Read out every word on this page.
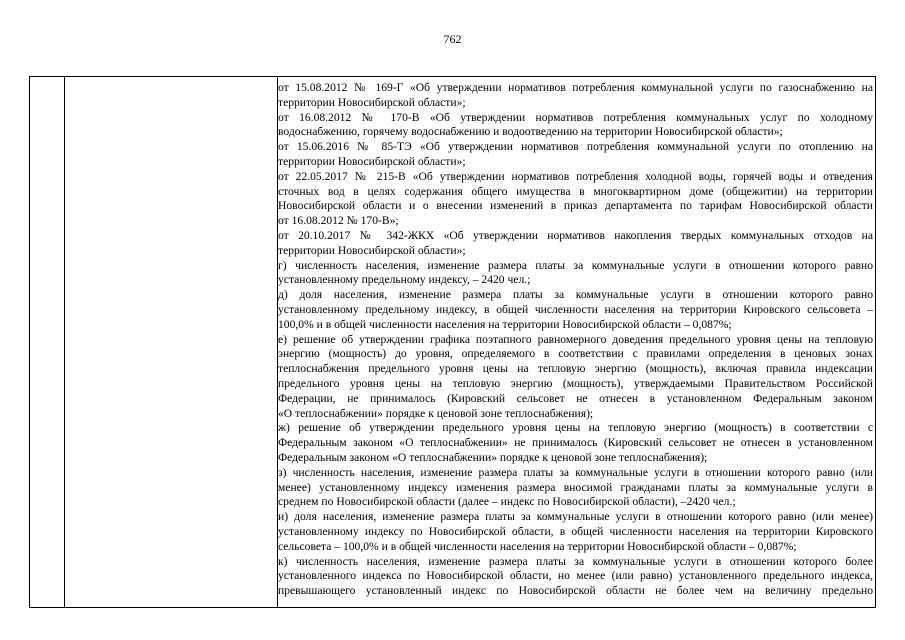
762
от 15.08.2012 № 169-Г «Об утверждении нормативов потребления коммунальной услуги по газоснабжению на
территории Новосибирской области»;
от 16.08.2012 № 170-В «Об утверждении нормативов потребления коммунальных услуг по холодному
водоснабжению, горячему водоснабжению и водоотведению на территории Новосибирской области»;
от 15.06.2016 № 85-ТЭ «Об утверждении нормативов потребления коммунальной услуги по отоплению на
территории Новосибирской области»;
от 22.05.2017 № 215-В «Об утверждении нормативов потребления холодной воды, горячей воды и отведения
сточных вод в целях содержания общего имущества в многоквартирном доме (общежитии) на территории
Новосибирской области и о внесении изменений в приказ департамента по тарифам Новосибирской области
от 16.08.2012 № 170-В»;
от 20.10.2017 № 342-ЖКХ «Об утверждении нормативов накопления твердых коммунальных отходов на
территории Новосибирской области»;
г) численность населения, изменение размера платы за коммунальные услуги в отношении которого равно
установленному предельному индексу, – 2420 чел.;
д) доля населения, изменение размера платы за коммунальные услуги в отношении которого равно
установленному предельному индексу, в общей численности населения на территории Кировского сельсовета –
100,0% и в общей численности населения на территории Новосибирской области – 0,087%;
е) решение об утверждении графика поэтапного равномерного доведения предельного уровня цены на тепловую
энергию (мощность) до уровня, определяемого в соответствии с правилами определения в ценовых зонах
теплоснабжения предельного уровня цены на тепловую энергию (мощность), включая правила индексации
предельного уровня цены на тепловую энергию (мощность), утверждаемыми Правительством Российской
Федерации, не принималось (Кировский сельсовет не отнесен в установленном Федеральным законом
«О теплоснабжении» порядке к ценовой зоне теплоснабжения);
ж) решение об утверждении предельного уровня цены на тепловую энергию (мощность) в соответствии с
Федеральным законом «О теплоснабжении» не принималось (Кировский сельсовет не отнесен в установленном
Федеральным законом «О теплоснабжении» порядке к ценовой зоне теплоснабжения);
з) численность населения, изменение размера платы за коммунальные услуги в отношении которого равно (или
менее) установленному индексу изменения размера вносимой гражданами платы за коммунальные услуги в
среднем по Новосибирской области (далее – индекс по Новосибирской области), –2420 чел.;
и) доля населения, изменение размера платы за коммунальные услуги в отношении которого равно (или менее)
установленному индексу по Новосибирской области, в общей численности населения на территории Кировского
сельсовета – 100,0% и в общей численности населения на территории Новосибирской области – 0,087%;
к) численность населения, изменение размера платы за коммунальные услуги в отношении которого более
установленного индекса по Новосибирской области, но менее (или равно) установленного предельного индекса,
превышающего установленный индекс по Новосибирской области не более чем на величину предельно
